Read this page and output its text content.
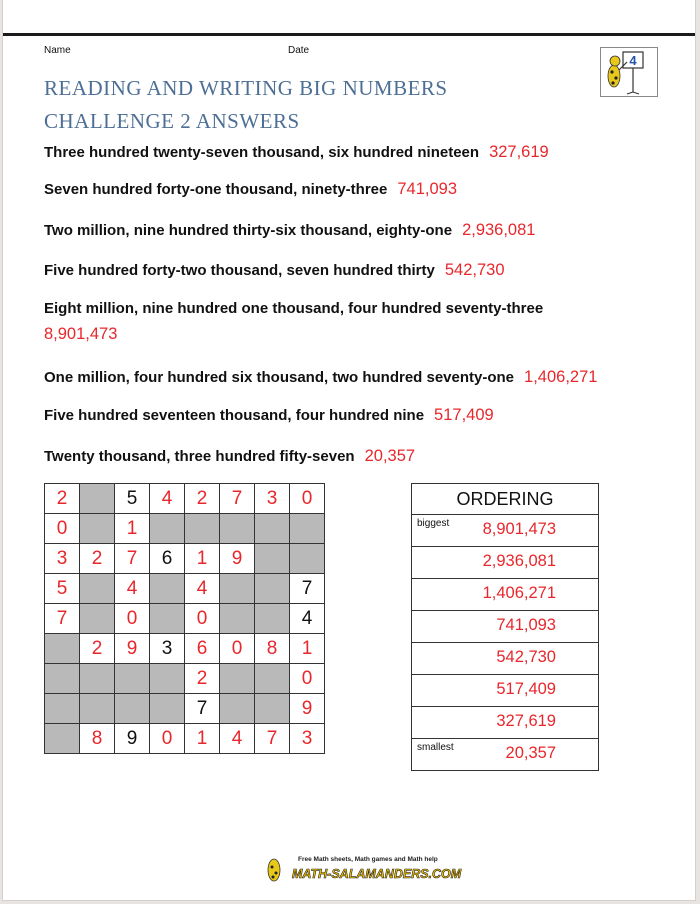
Name	Date
4
READING AND WRITING BIG NUMBERS
CHALLENGE 2 ANSWERS
Three hundred twenty-seven thousand, six hundred nineteen 327,619
Seven hundred forty-one thousand, ninety-three 741,093
Two million, nine hundred thirty-six thousand, eighty-one 2,936,081
Five hundred forty-two thousand, seven hundred thirty 542,730
Eight million, nine hundred one thousand, four hundred seventy-three
8,901,473
One million, four hundred six thousand, two hundred seventy-one 1,406,271
Five hundred seventeen thousand, four hundred nine 517,409
Twenty thousand, three hundred fifty-seven 20,357
2		5	4	2	7	3	0
0		1					
3	2	7	6	1	9		
5		4		4			7
7		0		0			4
	2	9	3	6	0	8	1
				2			0
				7			9
	8	9	0	1	4	7	3
ORDERING
biggest 8,901,473
2,936,081
1,406,271
741,093
542,730
517,409
327,619
smallest	20,357
Free Math sheets, Math games and Math help
MATH-SALAMANDERS.COM
